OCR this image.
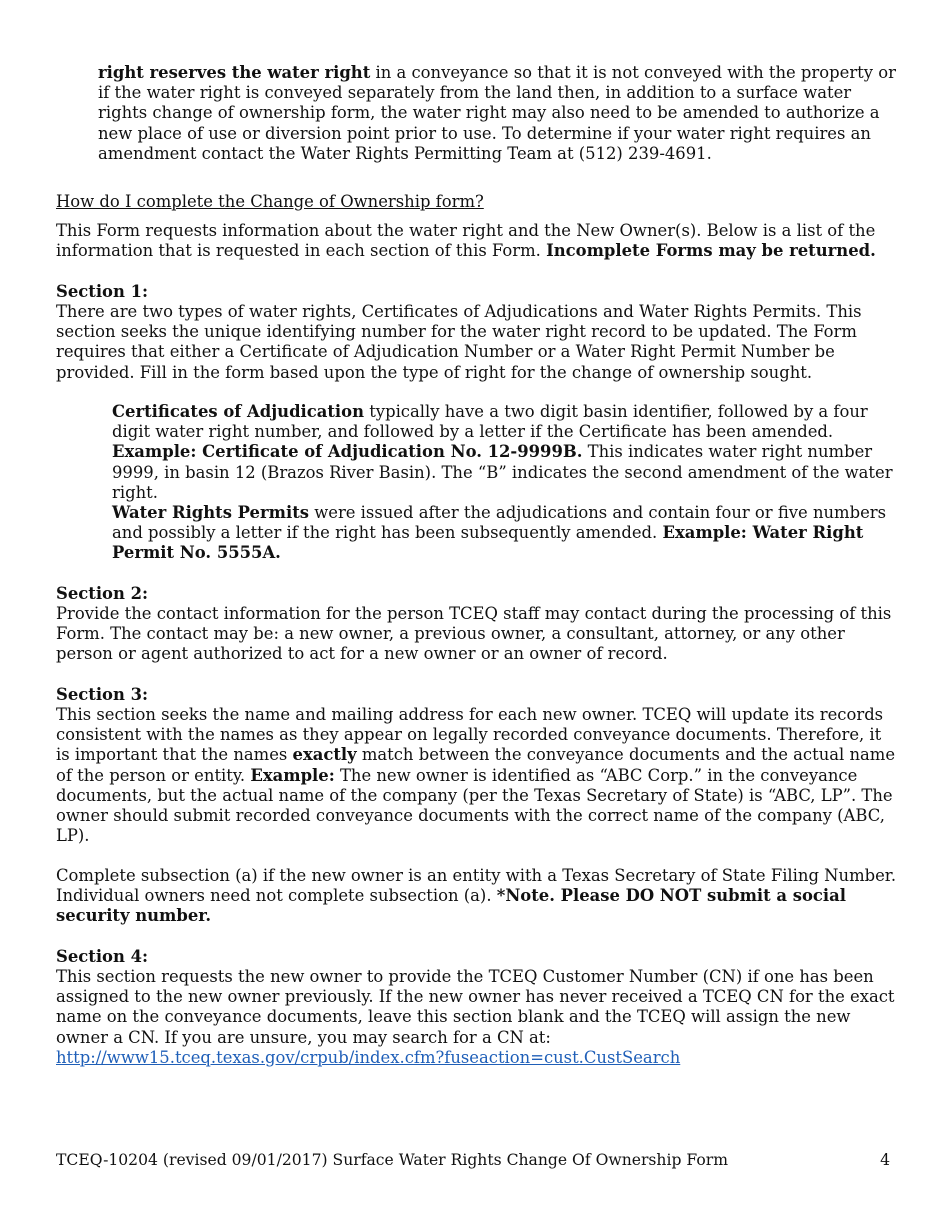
right reserves the water right in a conveyance so that it is not conveyed with the property or if the water right is conveyed separately from the land then, in addition to a surface water rights change of ownership form, the water right may also need to be amended to authorize a new place of use or diversion point prior to use. To determine if your water right requires an amendment contact the Water Rights Permitting Team at (512) 239-4691.

How do I complete the Change of Ownership form?

This Form requests information about the water right and the New Owner(s). Below is a list of the information that is requested in each section of this Form. Incomplete Forms may be returned.

Section 1:

There are two types of water rights, Certificates of Adjudications and Water Rights Permits. This section seeks the unique identifying number for the water right record to be updated. The Form requires that either a Certificate of Adjudication Number or a Water Right Permit Number be provided. Fill in the form based upon the type of right for the change of ownership sought.

Certificates of Adjudication typically have a two digit basin identifier, followed by a four digit water right number, and followed by a letter if the Certificate has been amended. Example: Certificate of Adjudication No. 12-9999B. This indicates water right number 9999, in basin 12 (Brazos River Basin). The “B” indicates the second amendment of the water right.

Water Rights Permits were issued after the adjudications and contain four or five numbers and possibly a letter if the right has been subsequently amended. Example: Water Right Permit No. 5555A.

Section 2:

Provide the contact information for the person TCEQ staff may contact during the processing of this Form. The contact may be: a new owner, a previous owner, a consultant, attorney, or any other person or agent authorized to act for a new owner or an owner of record.

Section 3:

This section seeks the name and mailing address for each new owner. TCEQ will update its records consistent with the names as they appear on legally recorded conveyance documents. Therefore, it is important that the names exactly match between the conveyance documents and the actual name of the person or entity. Example: The new owner is identified as “ABC Corp.” in the conveyance documents, but the actual name of the company (per the Texas Secretary of State) is “ABC, LP”. The owner should submit recorded conveyance documents with the correct name of the company (ABC, LP).

Complete subsection (a) if the new owner is an entity with a Texas Secretary of State Filing Number. Individual owners need not complete subsection (a). *Note. Please DO NOT submit a social security number.

Section 4:

This section requests the new owner to provide the TCEQ Customer Number (CN) if one has been assigned to the new owner previously. If the new owner has never received a TCEQ CN for the exact name on the conveyance documents, leave this section blank and the TCEQ will assign the new owner a CN. If you are unsure, you may search for a CN at:
http://www15.tceq.texas.gov/crpub/index.cfm?fuseaction=cust.CustSearch

TCEQ-10204 (revised 09/01/2017) Surface Water Rights Change Of Ownership Form	4
